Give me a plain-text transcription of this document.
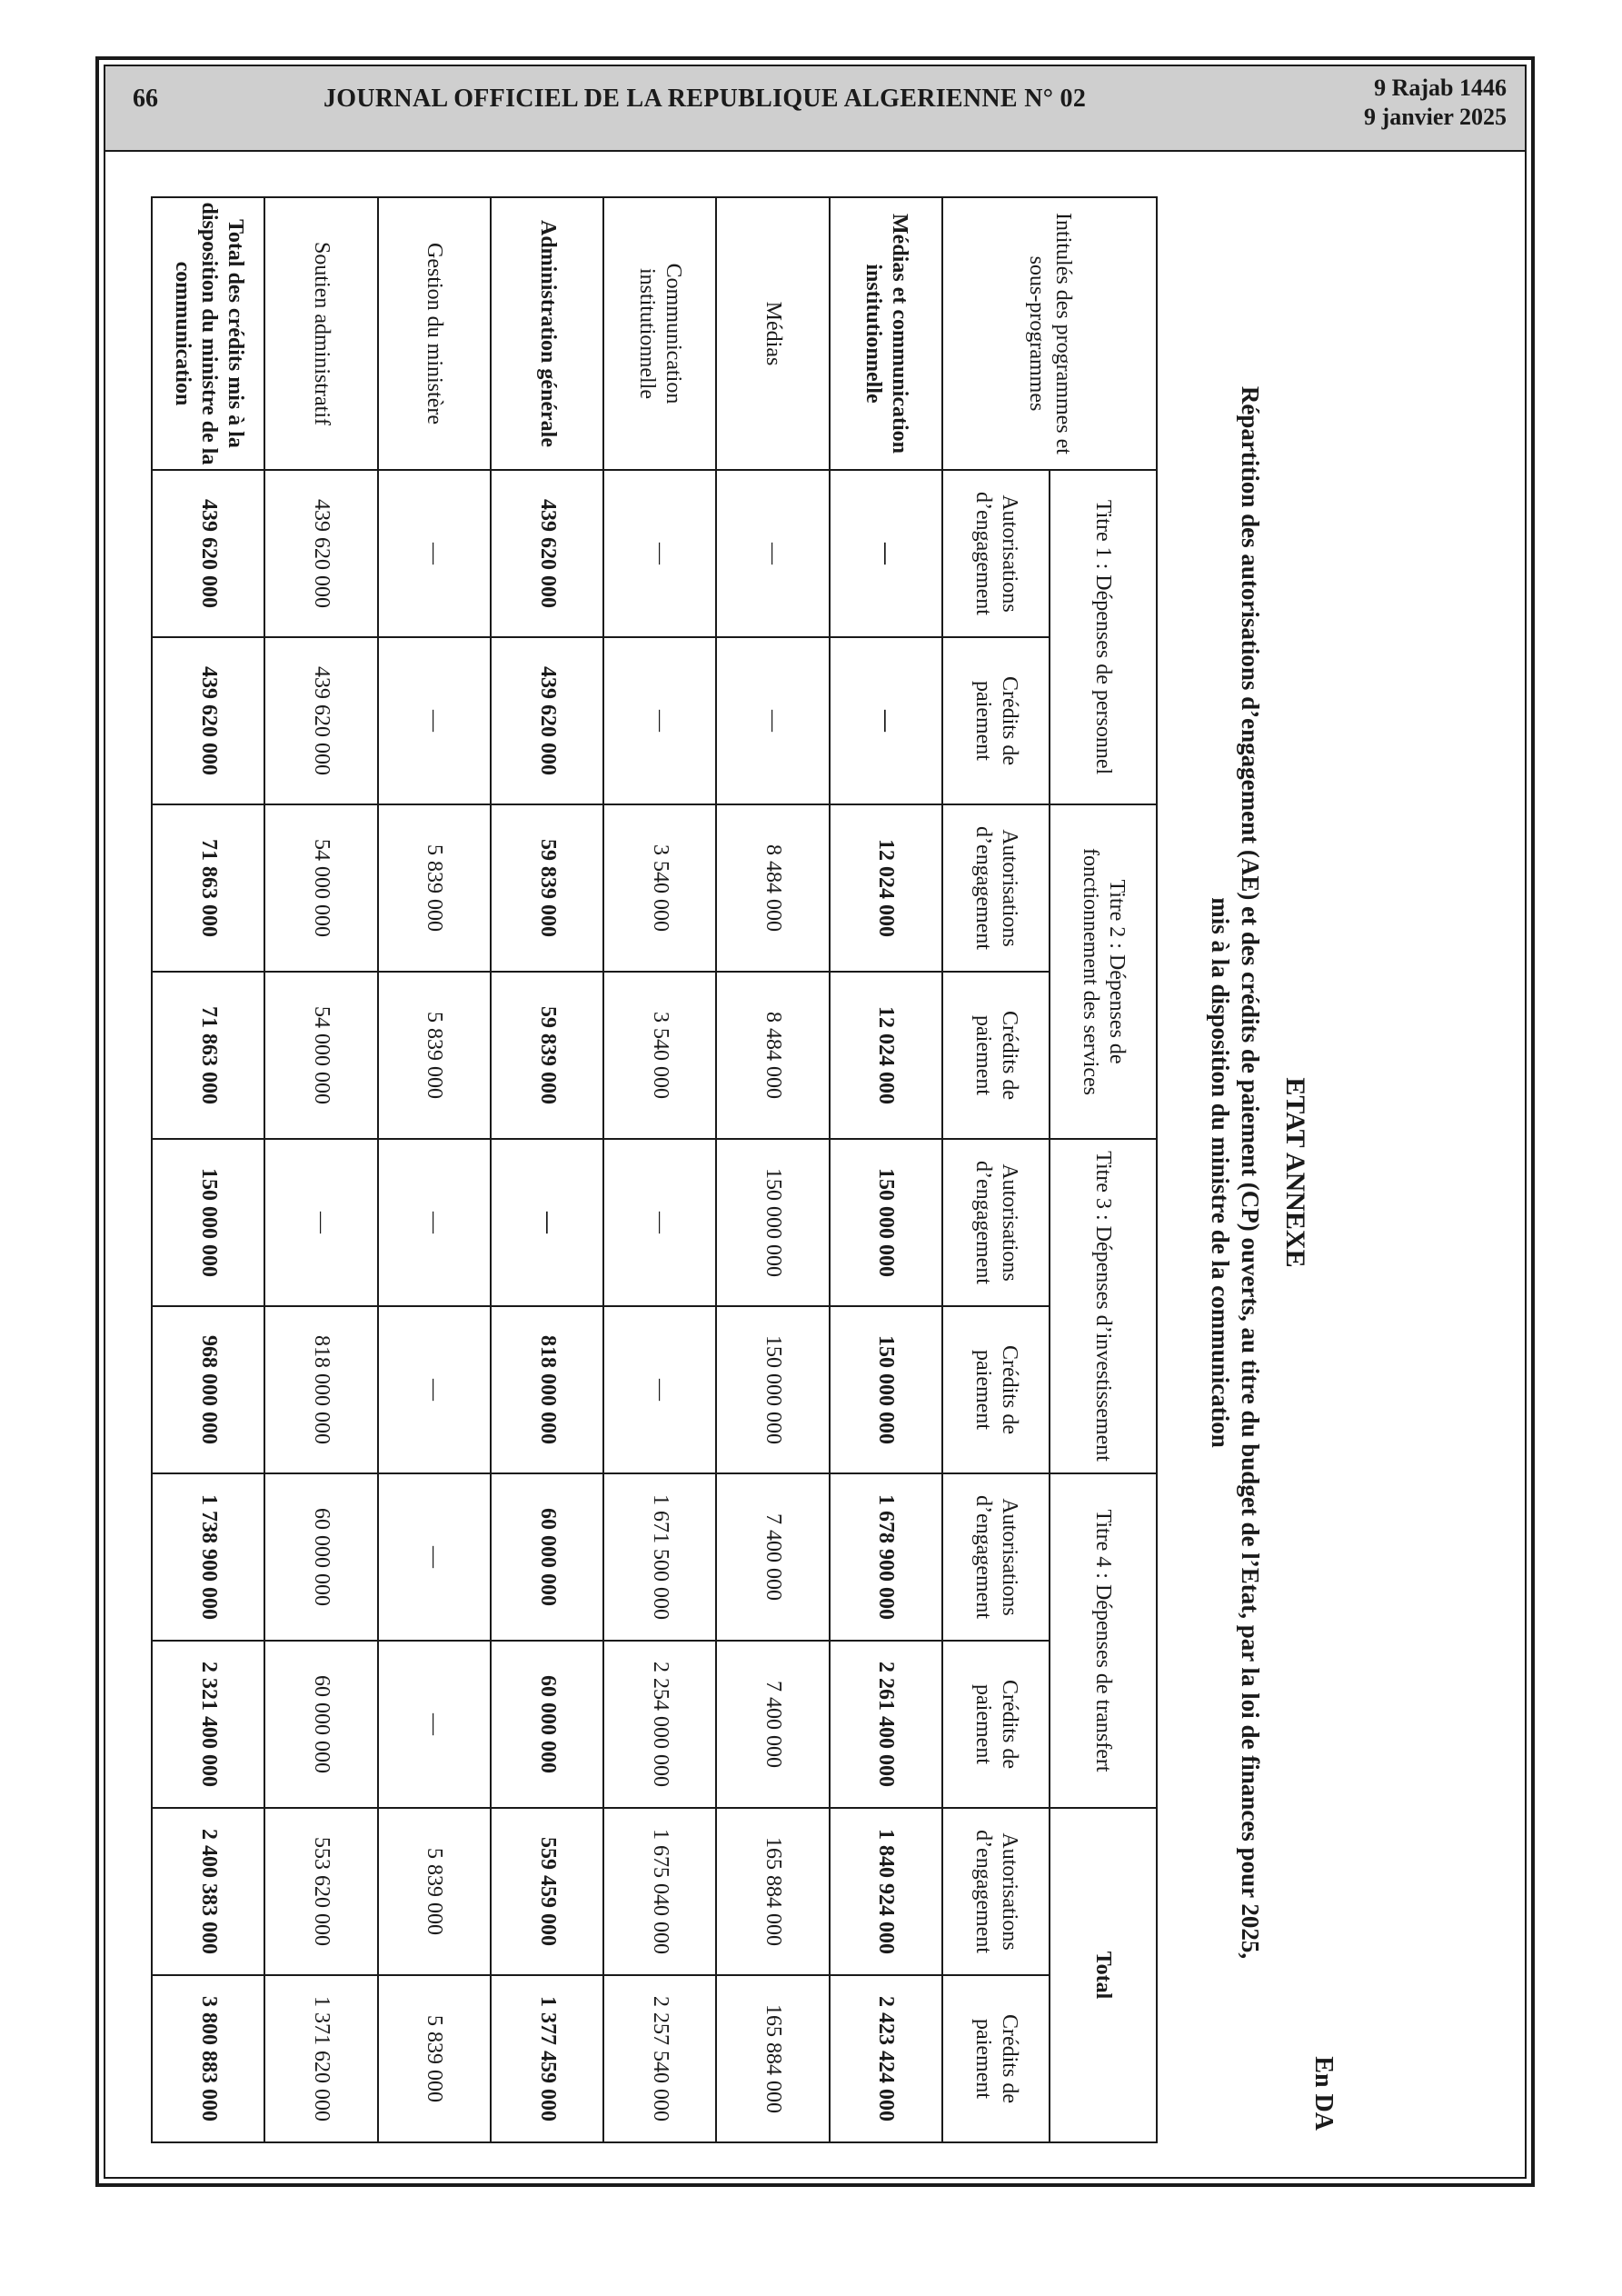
66	JOURNAL OFFICIEL DE LA REPUBLIQUE ALGERIENNE N° 02	9 Rajab 1446
9 janvier 2025
En DA
ETAT ANNEXE
Répartition des autorisations d’engagement (AE) et des crédits de paiement (CP) ouverts, au titre du budget de l’Etat, par la loi de finances pour 2025,
mis à la disposition du ministre de la communication
Intitulés des programmes et sous-programmes	Titre 1 : Dépenses de personnel		Titre 2 : Dépenses de fonctionnement des services		Titre 3 : Dépenses d’investissement		Titre 4 : Dépenses de transfert		Total	
	Autorisations d’engagement	Crédits de paiement	Autorisations d’engagement	Crédits de paiement	Autorisations d’engagement	Crédits de paiement	Autorisations d’engagement	Crédits de paiement	Autorisations d’engagement	Crédits de paiement
Médias et communication institutionnelle	—	—	12 024 000	12 024 000	150 000 000	150 000 000	1 678 900 000	2 261 400 000	1 840 924 000	2 423 424 000
Médias	—	—	8 484 000	8 484 000	150 000 000	150 000 000	7 400 000	7 400 000	165 884 000	165 884 000
Communication institutionnelle	—	—	3 540 000	3 540 000	—	—	1 671 500 000	2 254 000 000	1 675 040 000	2 257 540 000
Administration générale	439 620 000	439 620 000	59 839 000	59 839 000	—	818 000 000	60 000 000	60 000 000	559 459 000	1 377 459 000
Gestion du ministère	—	—	5 839 000	5 839 000	—	—	—	—	5 839 000	5 839 000
Soutien administratif	439 620 000	439 620 000	54 000 000	54 000 000	—	818 000 000	60 000 000	60 000 000	553 620 000	1 371 620 000
Total des crédits mis à la disposition du ministre de la communication	439 620 000	439 620 000	71 863 000	71 863 000	150 000 000	968 000 000	1 738 900 000	2 321 400 000	2 400 383 000	3 800 883 000
